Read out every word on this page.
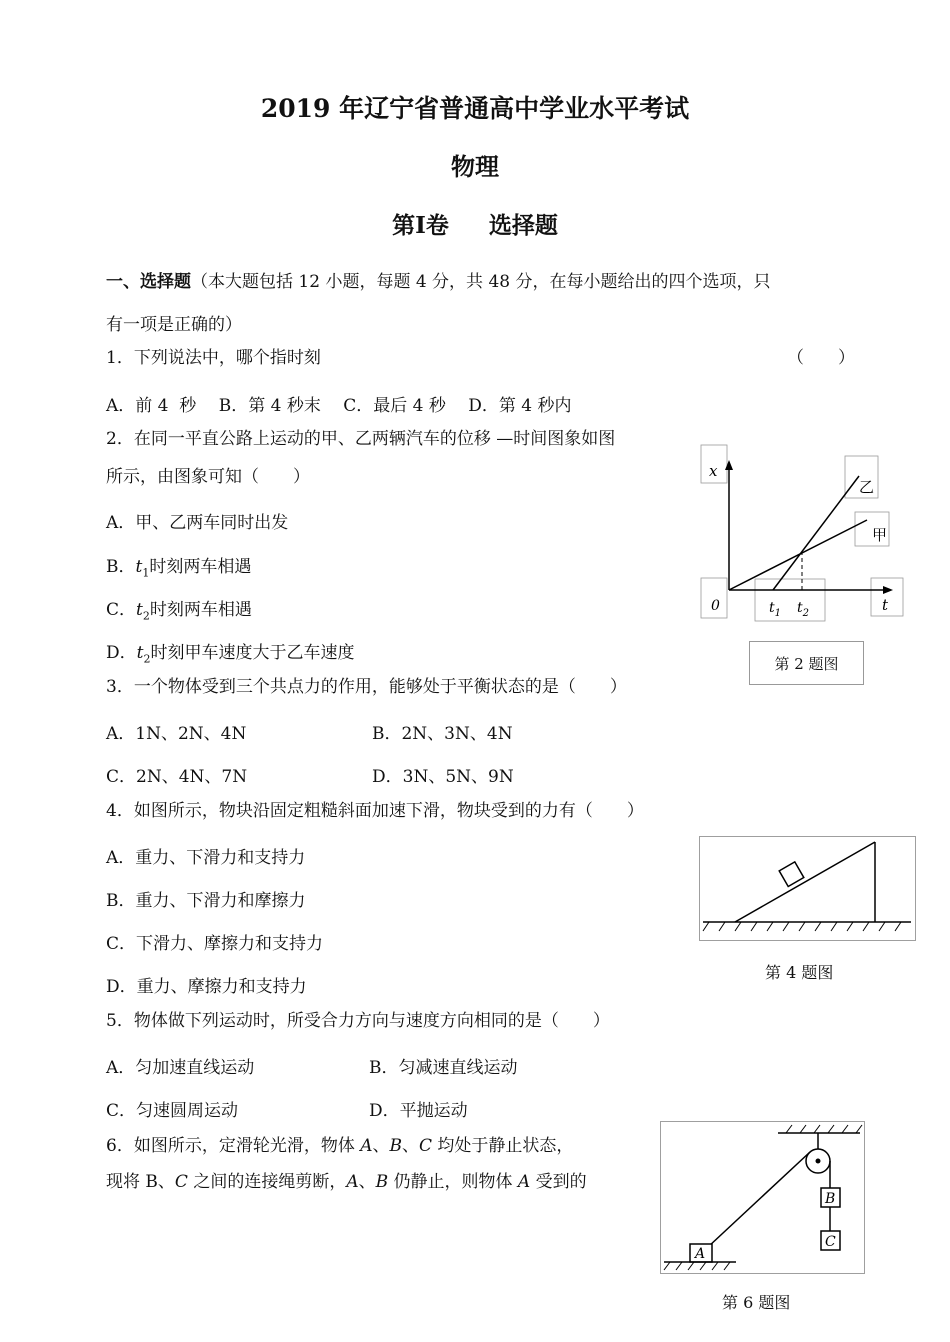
2019 年辽宁省普通高中学业水平考试
物理
第Ⅰ卷 选择题
一、选择题（本大题包括 12 小题，每题 4 分，共 48 分，在每小题给出的四个选项，只
有一项是正确的）
1．下列说法中，哪个指时刻	（　　）
A．前 4  秒　 B．第 4 秒末　 C．最后 4 秒　 D．第 4 秒内
2．在同一平直公路上运动的甲、乙两辆汽车的位移 —时间图象如图
所示，由图象可知（　　）
A．甲、乙两车同时出发
B．$t_1$时刻两车相遇
C．$t_2$时刻两车相遇
D．$t_2$时刻甲车速度大于乙车速度
x
乙
甲
0	$t_1$ $t_2$	t
第 2 题图
3．一个物体受到三个共点力的作用，能够处于平衡状态的是（　　）
A．1N、2N、4N	B．2N、3N、4N
C．2N、4N、7N	D．3N、5N、9N
4．如图所示，物块沿固定粗糙斜面加速下滑，物块受到的力有（　　）
A．重力、下滑力和支持力
B．重力、下滑力和摩擦力
C．下滑力、摩擦力和支持力
D．重力、摩擦力和支持力
第 4 题图
5．物体做下列运动时，所受合力方向与速度方向相同的是（　　）
A．匀加速直线运动	B．匀减速直线运动
C．匀速圆周运动	D．平抛运动
6．如图所示，定滑轮光滑，物体 A、B、C 均处于静止状态，
现将 B、C 之间的连接绳剪断，A、B 仍静止，则物体 A 受到的
B
C
A
第 6 题图
